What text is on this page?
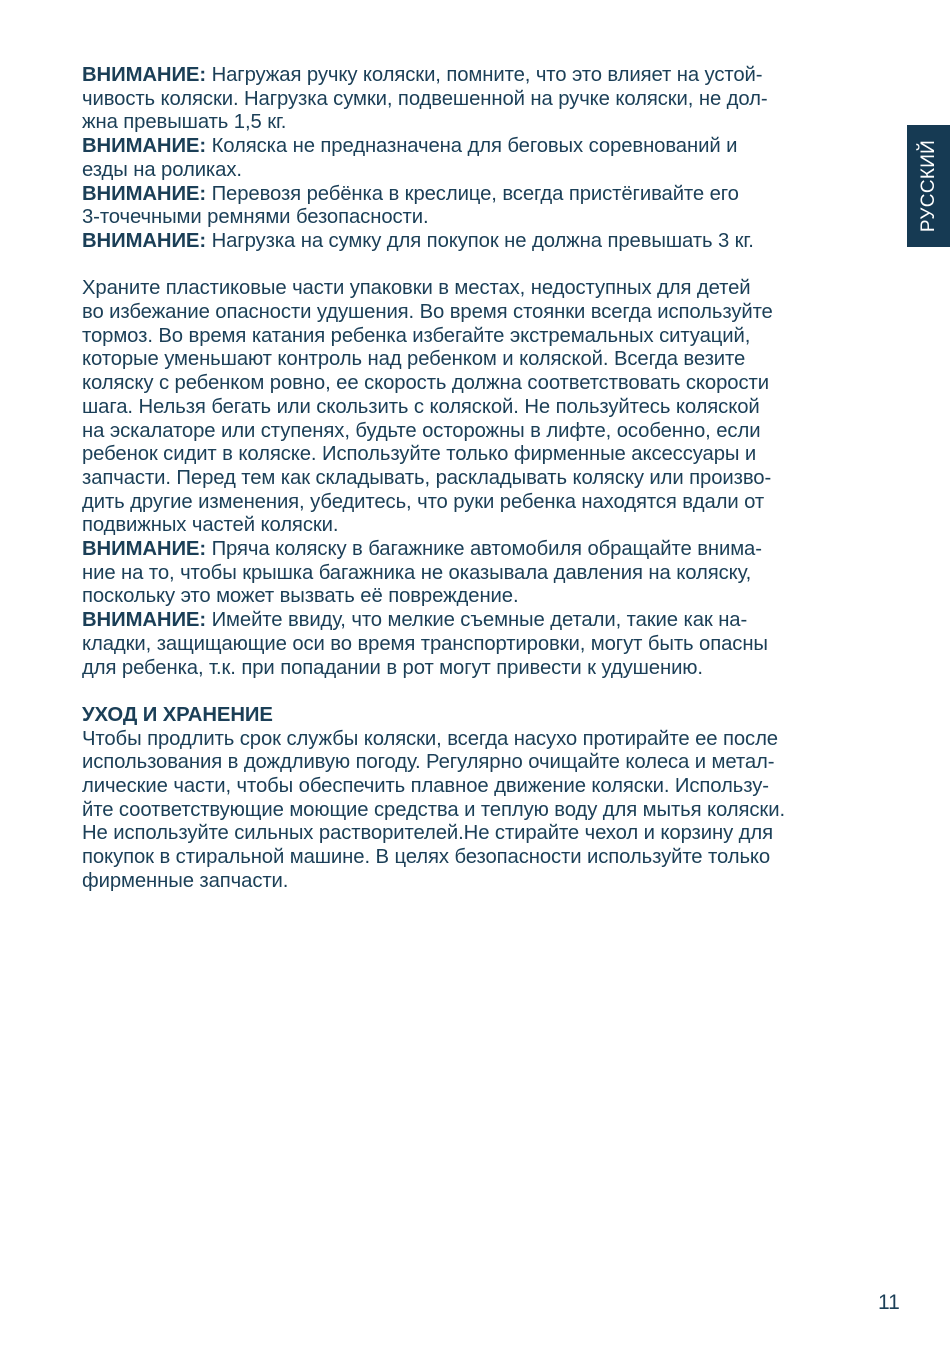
РУССКИЙ
ВНИМАНИЕ: Нагружая ручку коляски, помните, что это влияет на устой-
чивость коляски. Нагрузка сумки, подвешенной на ручке коляски, не дол-
жна превышать 1,5 кг.
ВНИМАНИЕ: Коляска не предназначена для беговых соревнований и
езды на роликах.
ВНИМАНИЕ: Перевозя ребёнка в креслице, всегда пристёгивайте его
3-точечными ремнями безопасности.
ВНИМАНИЕ: Нагрузка на сумку для покупок не должна превышать 3 кг.
Храните пластиковые части упаковки в местах, недоступных для детей
во избежание опасности удушения. Во время стоянки всегда используйте
тормоз. Во время катания ребенка избегайте экстремальных ситуаций,
которые уменьшают контроль над ребенком и коляской. Всегда везите
коляску с ребенком ровно, ее скорость должна соответствовать скорости
шага. Нельзя бегать или скользить с коляской. Не пользуйтесь коляской
на эскалаторе или ступенях, будьте осторожны в лифте, особенно, если
ребенок сидит в коляске. Используйте только фирменные аксессуары и
запчасти. Перед тем как складывать, раскладывать коляску или произво-
дить другие изменения, убедитесь, что руки ребенка находятся вдали от
подвижных частей коляски.
ВНИМАНИЕ: Пряча коляску в багажнике автомобиля обращайте внима-
ние на то, чтобы крышка багажника не оказывала давления на коляску,
поскольку это может вызвать её повреждение.
ВНИМАНИЕ: Имейте ввиду, что мелкие съемные детали, такие как на-
кладки, защищающие оси во время транспортировки, могут быть опасны
для ребенка, т.к. при попадании в рот могут привести к удушению.
УХОД И ХРАНЕНИЕ
Чтобы продлить срок службы коляски, всегда насухо протирайте ее после
использования в дождливую погоду. Регулярно очищайте колеса и метал-
лические части, чтобы обеспечить плавное движение коляски. Использу-
йте соответствующие моющие средства и теплую воду для мытья коляски.
Не используйте сильных растворителей.Не стирайте чехол и корзину для
покупок в стиральной машине. В целях безопасности используйте только
фирменные запчасти.
11
